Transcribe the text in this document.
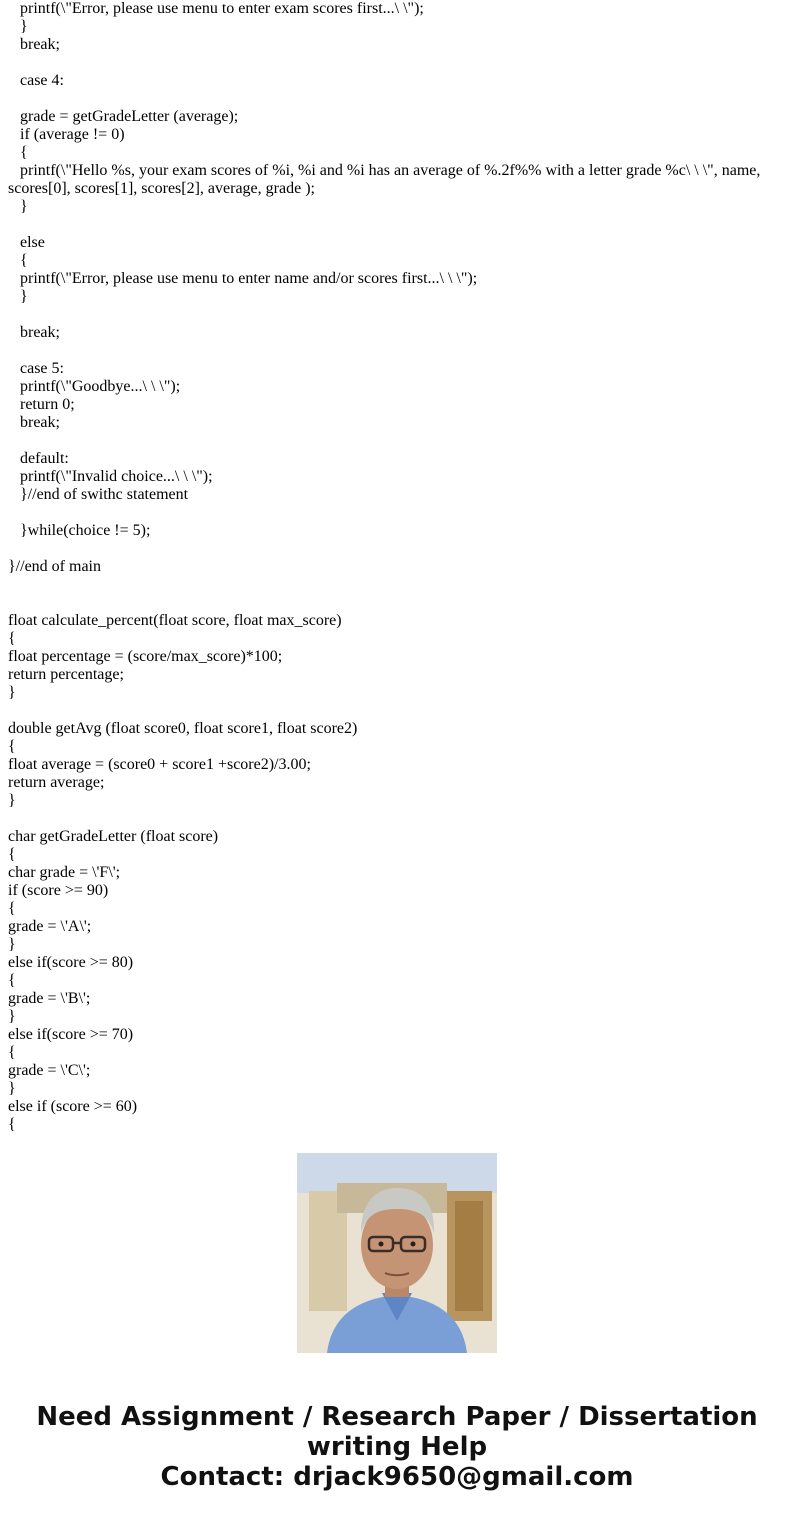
printf(\"Error, please use menu to enter exam scores first...\ \");
}
break;
case 4:
grade = getGradeLetter (average);
if (average != 0)
{
printf(\"Hello %s, your exam scores of %i, %i and %i has an average of %.2f%% with a letter grade %c\ \ \", name, scores[0], scores[1], scores[2], average, grade );
}
else
{
printf(\"Error, please use menu to enter name and/or scores first...\ \ \");
}
break;
case 5:
printf(\"Goodbye...\ \ \");
return 0;
break;
default:
printf(\"Invalid choice...\ \ \");
}//end of swithc statement
}while(choice != 5);
}//end of main
float calculate_percent(float score, float max_score)
{
float percentage = (score/max_score)*100;
return percentage;
}
double getAvg (float score0, float score1, float score2)
{
float average = (score0 + score1 +score2)/3.00;
return average;
}
char getGradeLetter (float score)
{
char grade = \'F\';
if (score >= 90)
{
grade = \'A\';
}
else if(score >= 80)
{
grade = \'B\';
}
else if(score >= 70)
{
grade = \'C\';
}
else if (score >= 60)
{
Need Assignment / Research Paper / Dissertation
writing Help
Contact: drjack9650@gmail.com
